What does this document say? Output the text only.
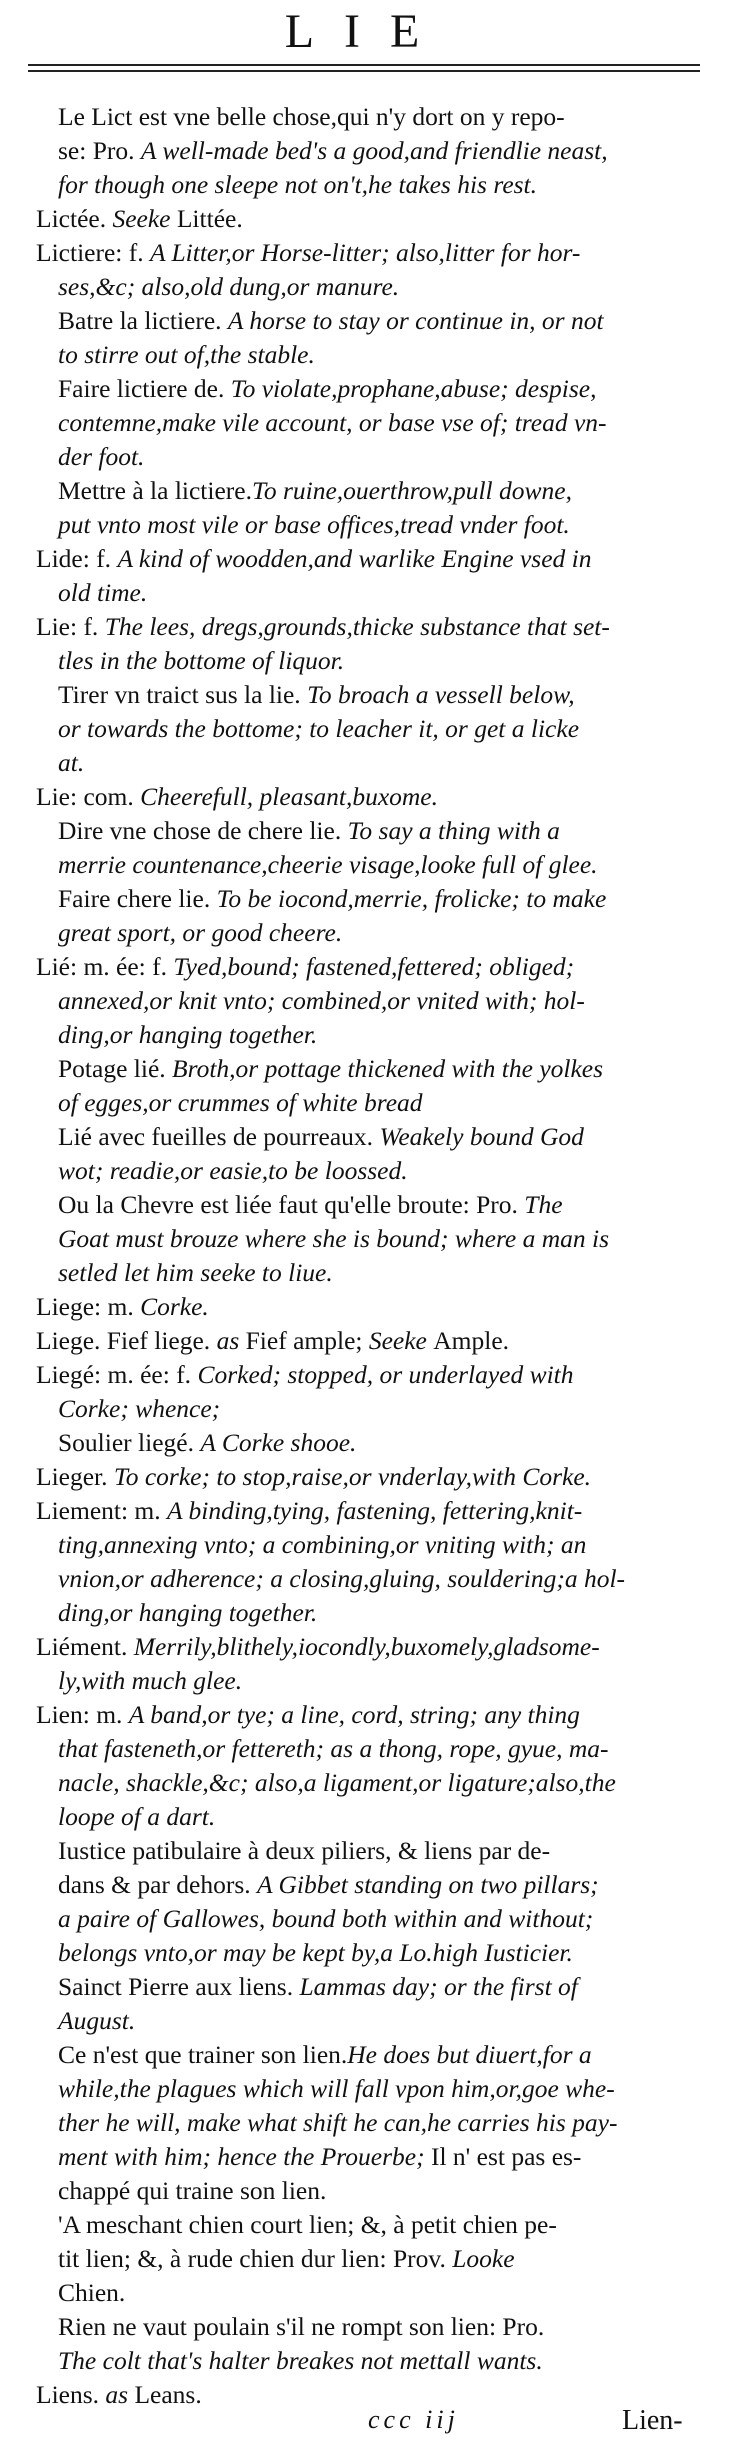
LIE
Le Lict est vne belle chose,qui n'y dort on y repo-
se: Pro. A well-made bed's a good,and friendlie neast,
for though one sleepe not on't,he takes his rest.
Lictée. Seeke Littée.
Lictiere: f. A Litter,or Horse-litter; also,litter for hor-
ses,&c; also,old dung,or manure.
Batre la lictiere. A horse to stay or continue in, or not
to stirre out of,the stable.
Faire lictiere de. To violate,prophane,abuse; despise,
contemne,make vile account, or base vse of; tread vn-
der foot.
Mettre à la lictiere.To ruine,ouerthrow,pull downe,
put vnto most vile or base offices,tread vnder foot.
Lide: f. A kind of woodden,and warlike Engine vsed in
old time.
Lie: f. The lees, dregs,grounds,thicke substance that set-
tles in the bottome of liquor.
Tirer vn traict sus la lie. To broach a vessell below,
or towards the bottome; to leacher it, or get a licke
at.
Lie: com. Cheerefull, pleasant,buxome.
Dire vne chose de chere lie. To say a thing with a
merrie countenance,cheerie visage,looke full of glee.
Faire chere lie. To be iocond,merrie, frolicke; to make
great sport, or good cheere.
Lié: m. ée: f. Tyed,bound; fastened,fettered; obliged;
annexed,or knit vnto; combined,or vnited with; hol-
ding,or hanging together.
Potage lié. Broth,or pottage thickened with the yolkes
of egges,or crummes of white bread
Lié avec fueilles de pourreaux. Weakely bound God
wot; readie,or easie,to be loossed.
Ou la Chevre est liée faut qu'elle broute: Pro. The
Goat must brouze where she is bound; where a man is
setled let him seeke to liue.
Liege: m. Corke.
Liege. Fief liege. as Fief ample; Seeke Ample.
Liegé: m. ée: f. Corked; stopped, or underlayed with
Corke; whence;
Soulier liegé. A Corke shooe.
Lieger. To corke; to stop,raise,or vnderlay,with Corke.
Liement: m. A binding,tying, fastening, fettering,knit-
ting,annexing vnto; a combining,or vniting with; an
vnion,or adherence; a closing,gluing, souldering;a hol-
ding,or hanging together.
Liément. Merrily,blithely,iocondly,buxomely,gladsome-
ly,with much glee.
Lien: m. A band,or tye; a line, cord, string; any thing
that fasteneth,or fettereth; as a thong, rope, gyue, ma-
nacle, shackle,&c; also,a ligament,or ligature;also,the
loope of a dart.
Iustice patibulaire à deux piliers, & liens par de-
dans & par dehors. A Gibbet standing on two pillars;
a paire of Gallowes, bound both within and without;
belongs vnto,or may be kept by,a Lo.high Iusticier.
Sainct Pierre aux liens. Lammas day; or the first of
August.
Ce n'est que trainer son lien.He does but diuert,for a
while,the plagues which will fall vpon him,or,goe whe-
ther he will, make what shift he can,he carries his pay-
ment with him; hence the Prouerbe; Il n' est pas es-
chappé qui traine son lien.
'A meschant chien court lien; &, à petit chien pe-
tit lien; &, à rude chien dur lien: Prov. Looke
Chien.
Rien ne vaut poulain s'il ne rompt son lien: Pro.
The colt that's halter breakes not mettall wants.
Liens. as Leans.
ccc iij	Lien-
